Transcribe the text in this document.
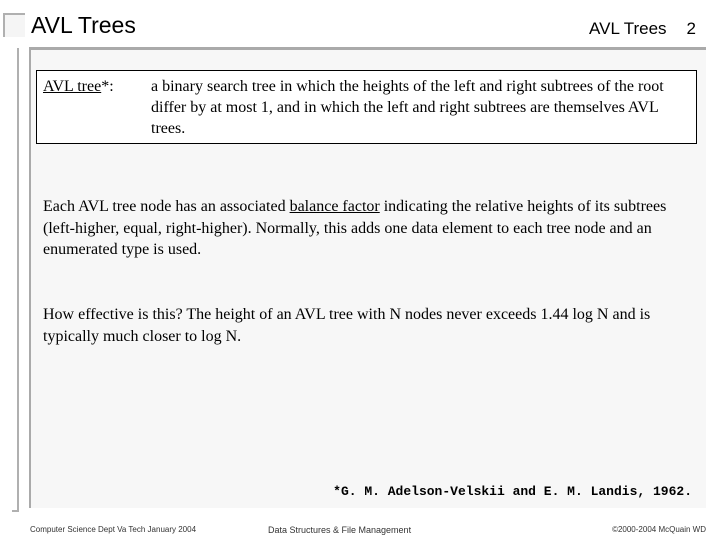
AVL Trees	AVL Trees 2
AVL tree*: a binary search tree in which the heights of the left and right subtrees of the root differ by at most 1, and in which the left and right subtrees are themselves AVL trees.
Each AVL tree node has an associated balance factor indicating the relative heights of its subtrees (left-higher, equal, right-higher). Normally, this adds one data element to each tree node and an enumerated type is used.
How effective is this? The height of an AVL tree with N nodes never exceeds 1.44 log N and is typically much closer to log N.
*G. M. Adelson-Velskii and E. M. Landis, 1962.
Computer Science Dept Va Tech January 2004	Data Structures & File Management	©2000-2004 McQuain WD
